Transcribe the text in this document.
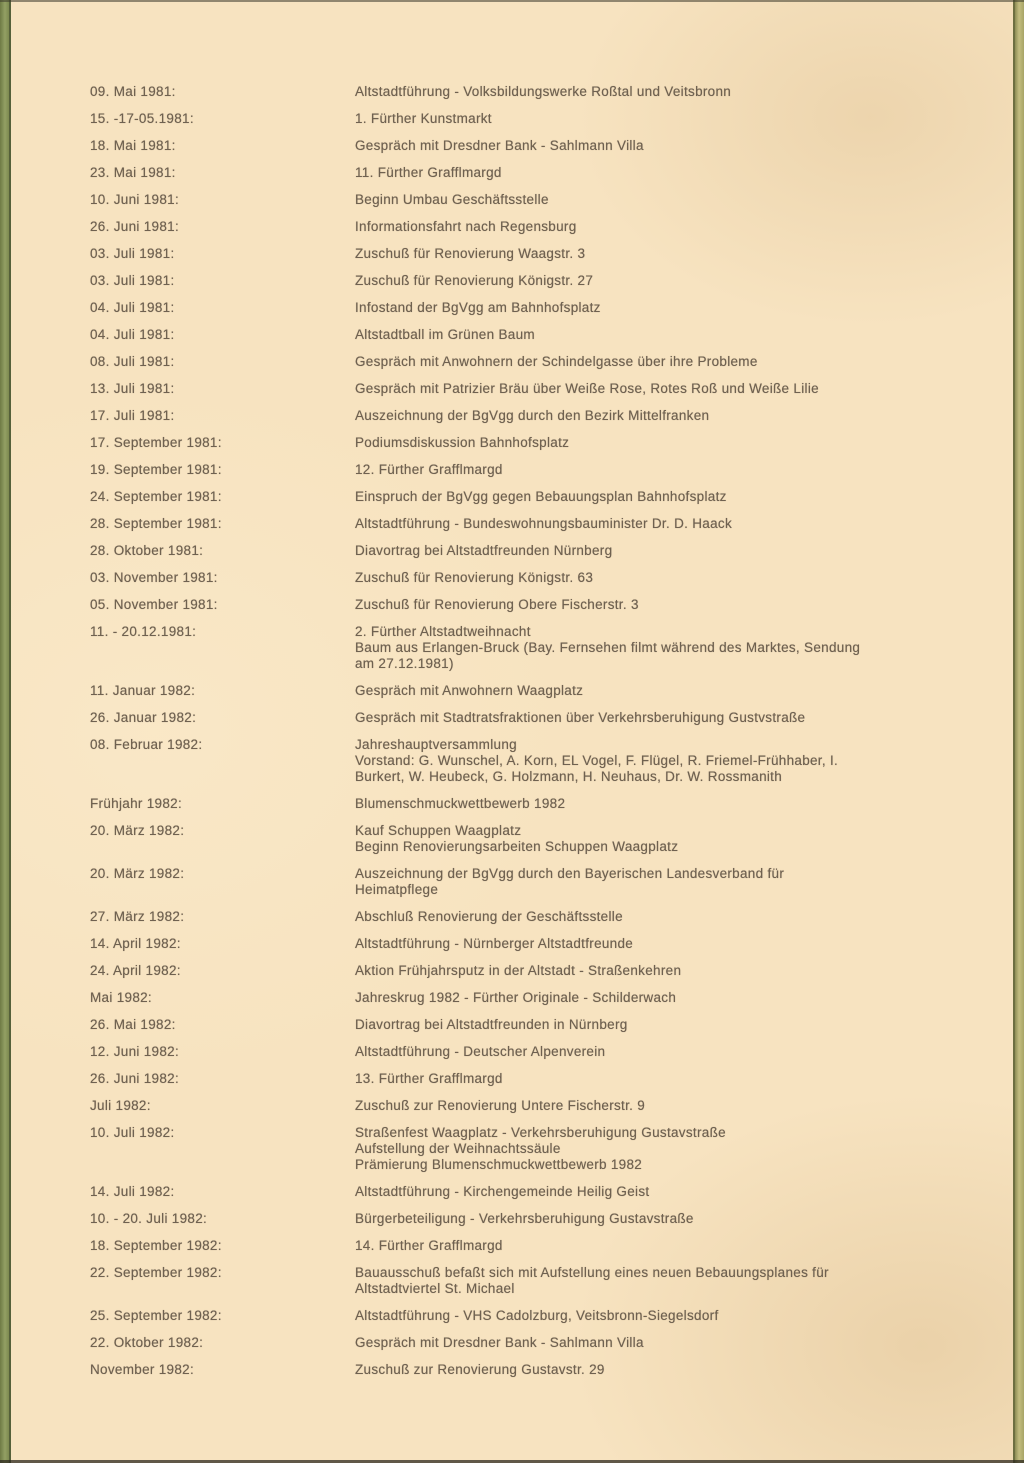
09. Mai 1981:	Altstadtführung - Volksbildungswerke Roßtal und Veitsbronn
15. -17-05.1981:	1. Fürther Kunstmarkt
18. Mai 1981:	Gespräch mit Dresdner Bank - Sahlmann Villa
23. Mai 1981:	11. Fürther Grafflmargd
10. Juni 1981:	Beginn Umbau Geschäftsstelle
26. Juni 1981:	Informationsfahrt nach Regensburg
03. Juli 1981:	Zuschuß für Renovierung Waagstr. 3
03. Juli 1981:	Zuschuß für Renovierung Königstr. 27
04. Juli 1981:	Infostand der BgVgg am Bahnhofsplatz
04. Juli 1981:	Altstadtball im Grünen Baum
08. Juli 1981:	Gespräch mit Anwohnern der Schindelgasse über ihre Probleme
13. Juli 1981:	Gespräch mit Patrizier Bräu über Weiße Rose, Rotes Roß und Weiße Lilie
17. Juli 1981:	Auszeichnung der BgVgg durch den Bezirk Mittelfranken
17. September 1981:	Podiumsdiskussion Bahnhofsplatz
19. September 1981:	12. Fürther Grafflmargd
24. September 1981:	Einspruch der BgVgg gegen Bebauungsplan Bahnhofsplatz
28. September 1981:	Altstadtführung - Bundeswohnungsbauminister Dr. D. Haack
28. Oktober 1981:	Diavortrag bei Altstadtfreunden Nürnberg
03. November 1981:	Zuschuß für Renovierung Königstr. 63
05. November 1981:	Zuschuß für Renovierung Obere Fischerstr. 3
11. - 20.12.1981:	2. Fürther Altstadtweihnacht
Baum aus Erlangen-Bruck (Bay. Fernsehen filmt während des Marktes, Sendung
am 27.12.1981)
11. Januar 1982:	Gespräch mit Anwohnern Waagplatz
26. Januar 1982:	Gespräch mit Stadtratsfraktionen über Verkehrsberuhigung Gustvstraße
08. Februar 1982:	Jahreshauptversammlung
Vorstand: G. Wunschel, A. Korn, EL Vogel, F. Flügel, R. Friemel-Frühhaber, I.
Burkert, W. Heubeck, G. Holzmann, H. Neuhaus, Dr. W. Rossmanith
Frühjahr 1982:	Blumenschmuckwettbewerb 1982
20. März 1982:	Kauf Schuppen Waagplatz
Beginn Renovierungsarbeiten Schuppen Waagplatz
20. März 1982:	Auszeichnung der BgVgg durch den Bayerischen Landesverband für
Heimatpflege
27. März 1982:	Abschluß Renovierung der Geschäftsstelle
14. April 1982:	Altstadtführung - Nürnberger Altstadtfreunde
24. April 1982:	Aktion Frühjahrsputz in der Altstadt - Straßenkehren
Mai 1982:	Jahreskrug 1982 - Fürther Originale - Schilderwach
26. Mai 1982:	Diavortrag bei Altstadtfreunden in Nürnberg
12. Juni 1982:	Altstadtführung - Deutscher Alpenverein
26. Juni 1982:	13. Fürther Grafflmargd
Juli 1982:	Zuschuß zur Renovierung Untere Fischerstr. 9
10. Juli 1982:	Straßenfest Waagplatz - Verkehrsberuhigung Gustavstraße
Aufstellung der Weihnachtssäule
Prämierung Blumenschmuckwettbewerb 1982
14. Juli 1982:	Altstadtführung - Kirchengemeinde Heilig Geist
10. - 20. Juli 1982:	Bürgerbeteiligung - Verkehrsberuhigung Gustavstraße
18. September 1982:	14. Fürther Grafflmargd
22. September 1982:	Bauausschuß befaßt sich mit Aufstellung eines neuen Bebauungsplanes für
Altstadtviertel St. Michael
25. September 1982:	Altstadtführung - VHS Cadolzburg, Veitsbronn-Siegelsdorf
22. Oktober 1982:	Gespräch mit Dresdner Bank - Sahlmann Villa
November 1982:	Zuschuß zur Renovierung Gustavstr. 29
